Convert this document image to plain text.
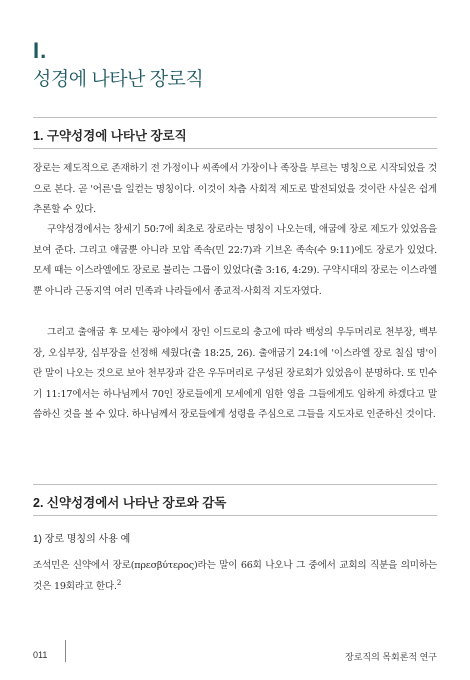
I.
성경에 나타난 장로직
1. 구약성경에 나타난 장로직

장로는 제도적으로 존재하기 전 가정이나 씨족에서 가장이나 족장을 부르는 명칭으로 시작되었을 것으로 본다. 곧 '어른'을 일컫는 명칭이다. 이것이 차츰 사회적 제도로 발전되었을 것이란 사실은 쉽게 추론할 수 있다.

구약성경에서는 창세기 50:7에 최초로 장로라는 명칭이 나오는데, 애굽에 장로 제도가 있었음을 보여 준다. 그리고 애굽뿐 아니라 모압 족속(민 22:7)과 기브온 족속(수 9:11)에도 장로가 있었다. 모세 때는 이스라엘에도 장로로 불리는 그룹이 있었다(출 3:16, 4:29). 구약시대의 장로는 이스라엘뿐 아니라 근동지역 여러 민족과 나라들에서 종교적·사회적 지도자였다.

그리고 출애굽 후 모세는 광야에서 장인 이드로의 충고에 따라 백성의 우두머리로 천부장, 백부장, 오십부장, 십부장을 선정해 세웠다(출 18:25, 26). 출애굽기 24:1에 '이스라엘 장로 칠십 명'이란 말이 나오는 것으로 보아 천부장과 같은 우두머리로 구성된 장로회가 있었음이 분명하다. 또 민수기 11:17에서는 하나님께서 70인 장로들에게 모세에게 임한 영을 그들에게도 임하게 하겠다고 말씀하신 것을 볼 수 있다. 하나님께서 장로들에게 성령을 주심으로 그들을 지도자로 인준하신 것이다.

2. 신약성경에서 나타난 장로와 감독
1) 장로 명칭의 사용 예

조석민은 신약에서 장로(πρεσβύτερος)라는 말이 66회 나오나 그 중에서 교회의 직분을 의미하는 것은 19회라고 한다.$^2$

011	장로직의 목회론적 연구
